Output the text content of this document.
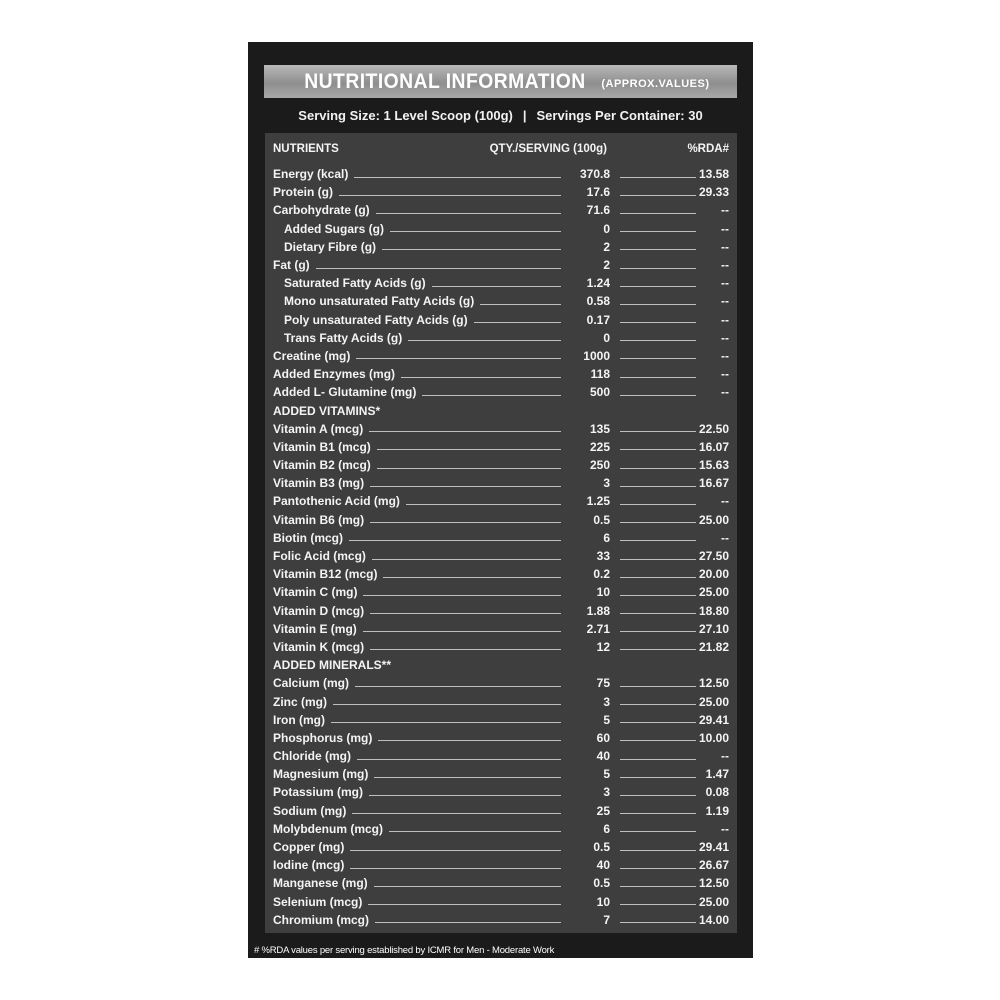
NUTRITIONAL INFORMATION (APPROX.VALUES)
Serving Size: 1 Level Scoop (100g) | Servings Per Container: 30
NUTRIENTS	QTY./SERVING (100g)	%RDA#
Energy (kcal)	370.8	13.58
Protein (g)	17.6	29.33
Carbohydrate (g)	71.6	--
Added Sugars (g)	0	--
Dietary Fibre (g)	2	--
Fat (g)	2	--
Saturated Fatty Acids (g)	1.24	--
Mono unsaturated Fatty Acids (g)	0.58	--
Poly unsaturated Fatty Acids (g)	0.17	--
Trans Fatty Acids (g)	0	--
Creatine (mg)	1000	--
Added Enzymes (mg)	118	--
Added L- Glutamine (mg)	500	--
ADDED VITAMINS*
Vitamin A (mcg)	135	22.50
Vitamin B1 (mcg)	225	16.07
Vitamin B2 (mcg)	250	15.63
Vitamin B3 (mg)	3	16.67
Pantothenic Acid (mg)	1.25	--
Vitamin B6 (mg)	0.5	25.00
Biotin (mcg)	6	--
Folic Acid (mcg)	33	27.50
Vitamin B12 (mcg)	0.2	20.00
Vitamin C (mg)	10	25.00
Vitamin D (mcg)	1.88	18.80
Vitamin E (mg)	2.71	27.10
Vitamin K (mcg)	12	21.82
ADDED MINERALS**
Calcium (mg)	75	12.50
Zinc (mg)	3	25.00
Iron (mg)	5	29.41
Phosphorus (mg)	60	10.00
Chloride (mg)	40	--
Magnesium (mg)	5	1.47
Potassium (mg)	3	0.08
Sodium (mg)	25	1.19
Molybdenum (mcg)	6	--
Copper (mg)	0.5	29.41
Iodine (mcg)	40	26.67
Manganese (mg)	0.5	12.50
Selenium (mcg)	10	25.00
Chromium (mcg)	7	14.00
# %RDA values per serving established by ICMR for Men - Moderate Work
